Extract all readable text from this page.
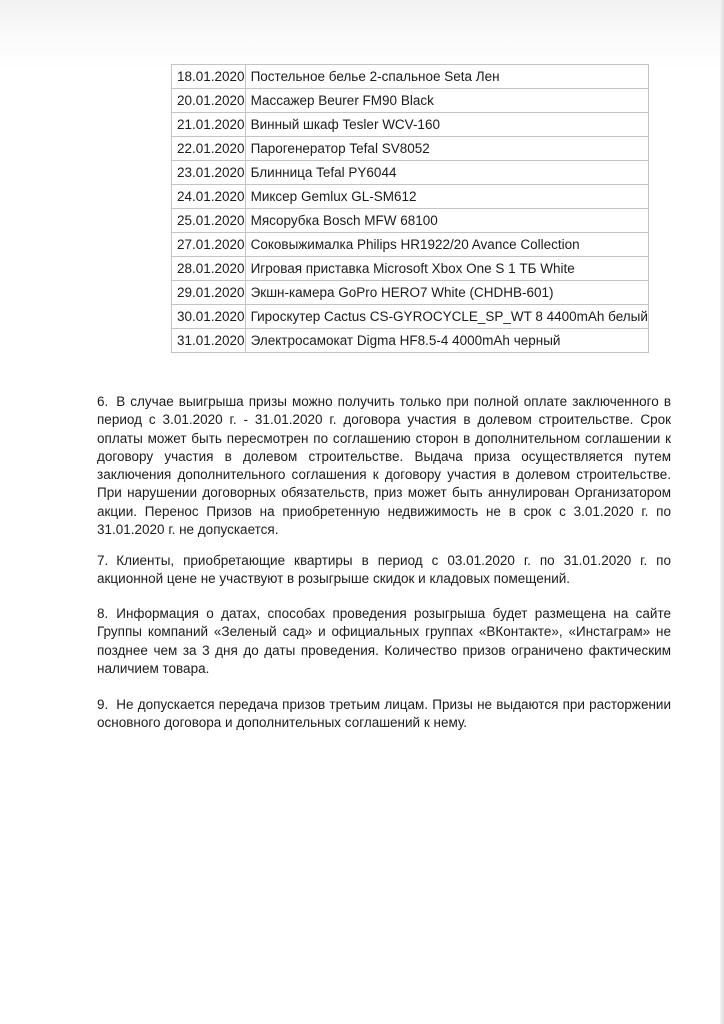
18.01.2020	Постельное белье 2-спальное Seta Лен
20.01.2020	Массажер Beurer FM90 Black
21.01.2020	Винный шкаф Tesler WCV-160
22.01.2020	Парогенератор Tefal SV8052
23.01.2020	Блинница Tefal PY6044
24.01.2020	Миксер Gemlux GL-SM612
25.01.2020	Мясорубка Bosch MFW 68100
27.01.2020	Соковыжималка Philips HR1922/20 Avance Collection
28.01.2020	Игровая приставка Microsoft Xbox One S 1 ТБ White
29.01.2020	Экшн-камера GoPro HERO7 White (CHDHB-601)
30.01.2020	Гироскутер Cactus CS-GYROCYCLE_SP_WT 8 4400mAh белый
31.01.2020	Электросамокат Digma HF8.5-4 4000mAh черный

6. В случае выигрыша призы можно получить только при полной оплате заключенного в период с 3.01.2020 г. - 31.01.2020 г. договора участия в долевом строительстве. Срок оплаты может быть пересмотрен по соглашению сторон в дополнительном соглашении к договору участия в долевом строительстве. Выдача приза осуществляется путем заключения дополнительного соглашения к договору участия в долевом строительстве. При нарушении договорных обязательств, приз может быть аннулирован Организатором акции. Перенос Призов на приобретенную недвижимость не в срок с 3.01.2020 г. по 31.01.2020 г. не допускается.

7. Клиенты, приобретающие квартиры в период с 03.01.2020 г. по 31.01.2020 г. по акционной цене не участвуют в розыгрыше скидок и кладовых помещений.

8. Информация о датах, способах проведения розыгрыша будет размещена на сайте Группы компаний «Зеленый сад» и официальных группах «ВКонтакте», «Инстаграм» не позднее чем за 3 дня до даты проведения. Количество призов ограничено фактическим наличием товара.

9. Не допускается передача призов третьим лицам. Призы не выдаются при расторжении основного договора и дополнительных соглашений к нему.
